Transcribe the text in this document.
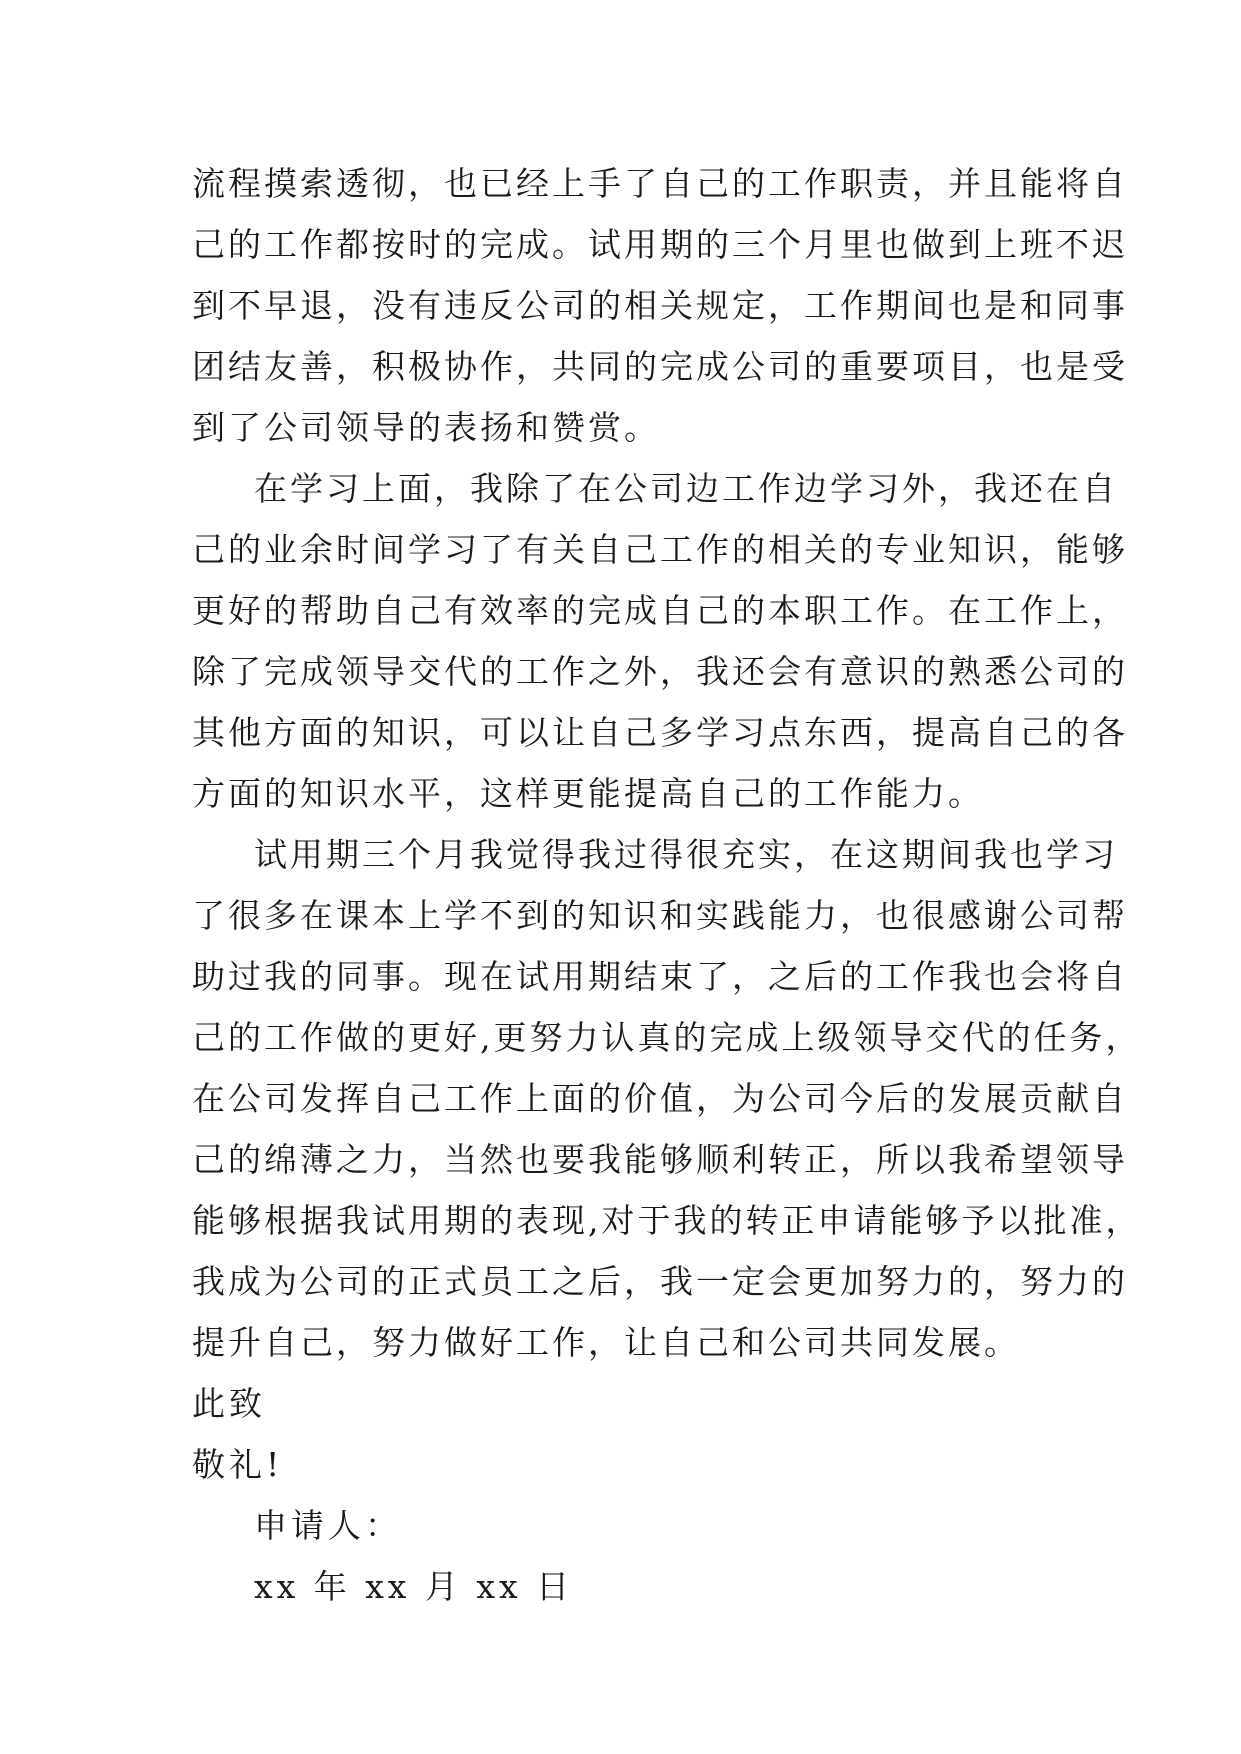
流程摸索透彻，也已经上手了自己的工作职责，并且能将自
己的工作都按时的完成。试用期的三个月里也做到上班不迟
到不早退，没有违反公司的相关规定，工作期间也是和同事
团结友善，积极协作，共同的完成公司的重要项目，也是受
到了公司领导的表扬和赞赏。
在学习上面，我除了在公司边工作边学习外，我还在自
己的业余时间学习了有关自己工作的相关的专业知识，能够
更好的帮助自己有效率的完成自己的本职工作。在工作上，
除了完成领导交代的工作之外，我还会有意识的熟悉公司的
其他方面的知识，可以让自己多学习点东西，提高自己的各
方面的知识水平，这样更能提高自己的工作能力。
试用期三个月我觉得我过得很充实，在这期间我也学习
了很多在课本上学不到的知识和实践能力，也很感谢公司帮
助过我的同事。现在试用期结束了，之后的工作我也会将自
己的工作做的更好,更努力认真的完成上级领导交代的任务，
在公司发挥自己工作上面的价值，为公司今后的发展贡献自
己的绵薄之力，当然也要我能够顺利转正，所以我希望领导
能够根据我试用期的表现,对于我的转正申请能够予以批准，
我成为公司的正式员工之后，我一定会更加努力的，努力的
提升自己，努力做好工作，让自己和公司共同发展。
此致
敬礼!
申请人：
xx 年 xx 月 xx 日
